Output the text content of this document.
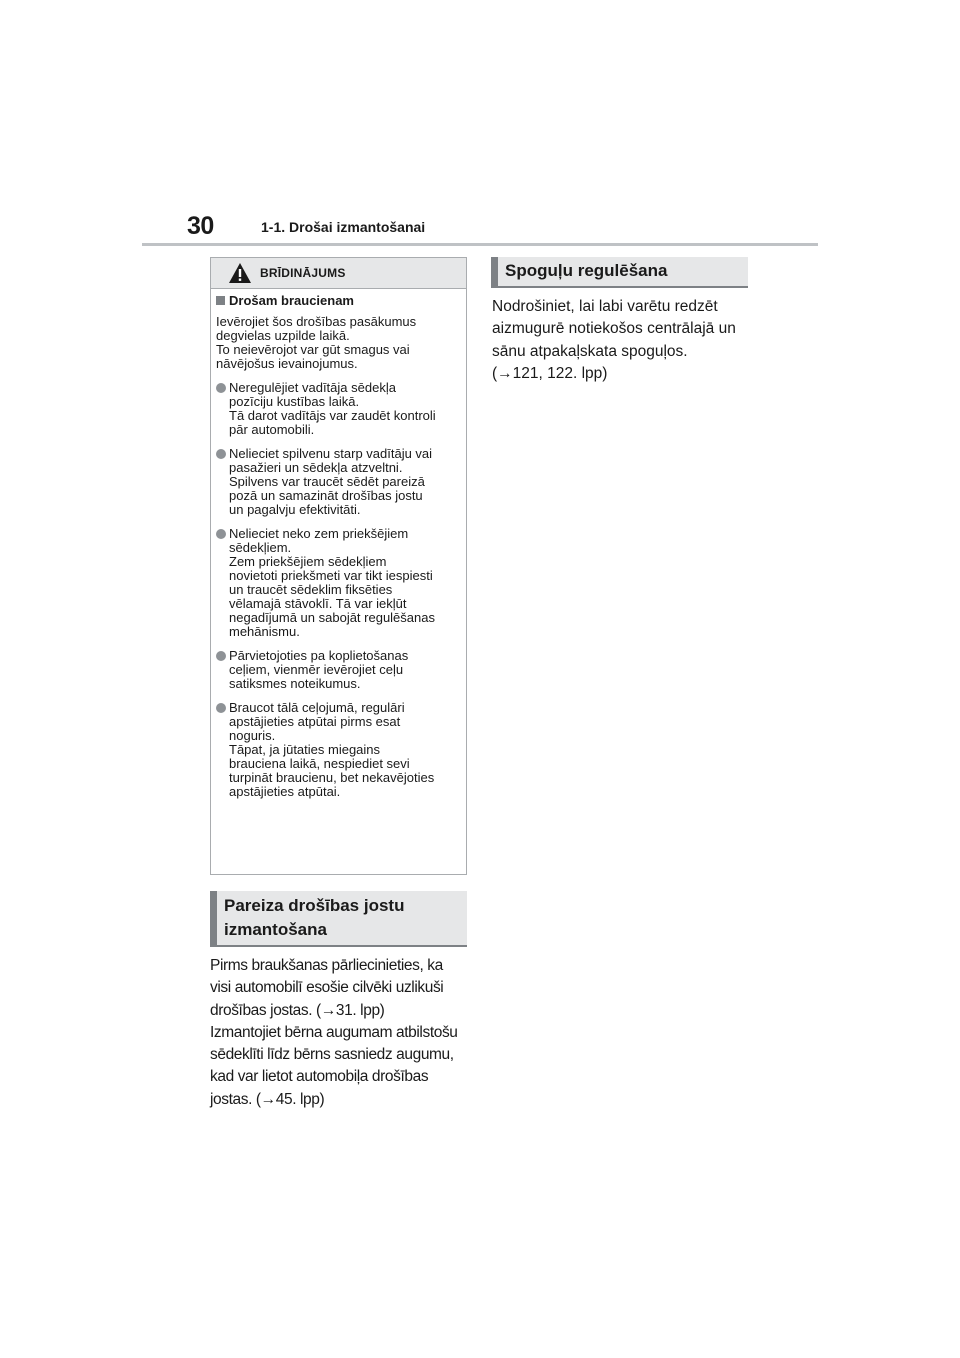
30	1-1. Drošai izmantošanai
BRĪDINĀJUMS
Drošam braucienam
Ievērojiet šos drošības pasākumus
degvielas uzpilde laikā.
To neievērojot var gūt smagus vai
nāvējošus ievainojumus.
Neregulējiet vadītāja sēdekļa
pozīciju kustības laikā.
Tā darot vadītājs var zaudēt kontroli
pār automobili.
Nelieciet spilvenu starp vadītāju vai
pasažieri un sēdekļa atzveltni.
Spilvens var traucēt sēdēt pareizā
pozā un samazināt drošības jostu
un pagalvju efektivitāti.
Nelieciet neko zem priekšējiem
sēdekļiem.
Zem priekšējiem sēdekļiem
novietoti priekšmeti var tikt iespiesti
un traucēt sēdeklim fiksēties
vēlamajā stāvoklī. Tā var iekļūt
negadījumā un sabojāt regulēšanas
mehānismu.
Pārvietojoties pa koplietošanas
ceļiem, vienmēr ievērojiet ceļu
satiksmes noteikumus.
Braucot tālā ceļojumā, regulāri
apstājieties atpūtai pirms esat
noguris.
Tāpat, ja jūtaties miegains
brauciena laikā, nespiediet sevi
turpināt braucienu, bet nekavējoties
apstājieties atpūtai.
Pareiza drošības jostu
izmantošana
Pirms braukšanas pārliecinieties, ka
visi automobilī esošie cilvēki uzlikuši
drošības jostas. (→31. lpp)
Izmantojiet bērna augumam atbilstošu
sēdeklīti līdz bērns sasniedz augumu,
kad var lietot automobiļa drošības
jostas. (→45. lpp)
Spoguļu regulēšana
Nodrošiniet, lai labi varētu redzēt
aizmugurē notiekošos centrālajā un
sānu atpakaļskata spoguļos.
(→121, 122. lpp)
